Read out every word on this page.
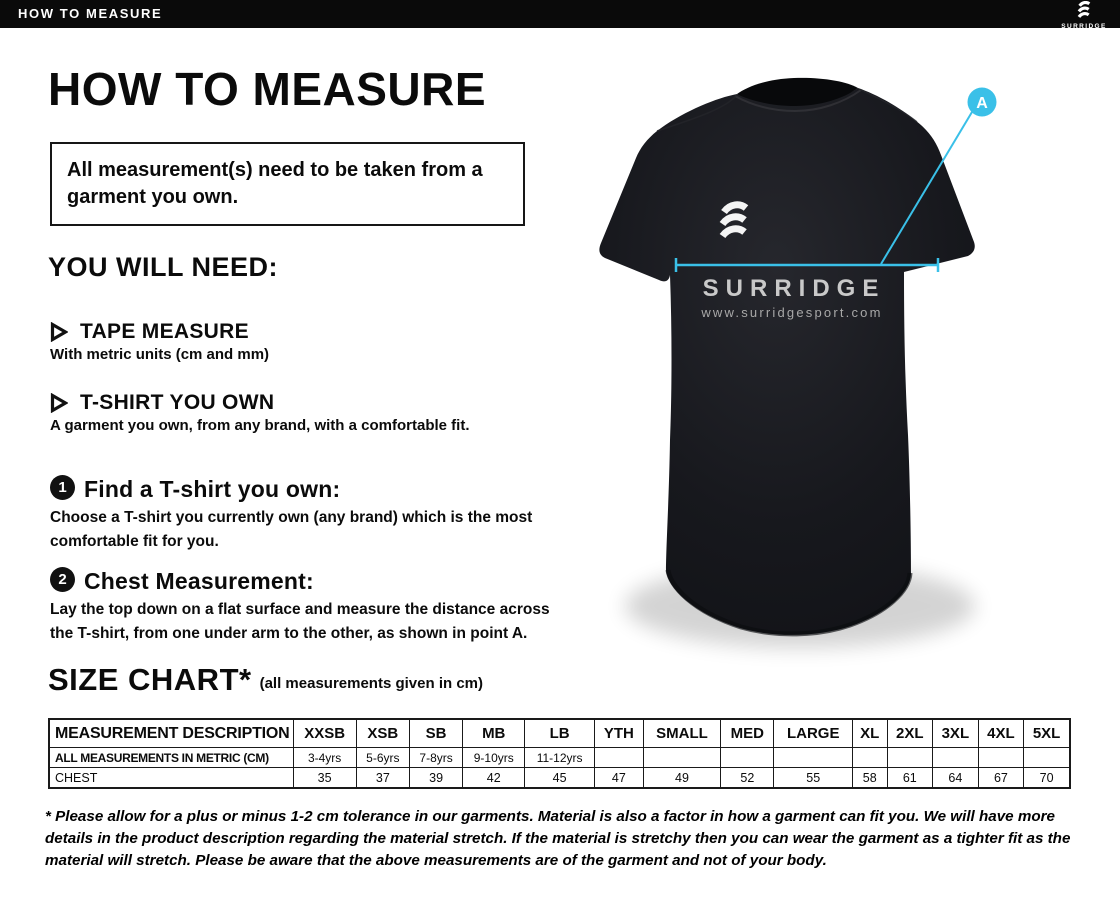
HOW TO MEASURE
SURRIDGE
HOW TO MEASURE
All measurement(s) need to be taken from a garment you own.
YOU WILL NEED:
TAPE MEASURE
With metric units (cm and mm)
T-SHIRT YOU OWN
A garment you own, from any brand, with a comfortable fit.
1 Find a T-shirt you own:
Choose a T-shirt you currently own (any brand) which is the most comfortable fit for you.
2 Chest Measurement:
Lay the top down on a flat surface and measure the distance across the T-shirt, from one under arm to the other, as shown in point A.
SURRIDGE
www.surridgesport.com
A
SIZE CHART* (all measurements given in cm)
MEASUREMENT DESCRIPTION	XXSB	XSB	SB	MB	LB	YTH	SMALL	MED	LARGE	XL	2XL	3XL	4XL	5XL
ALL MEASUREMENTS IN METRIC (CM)	3-4yrs	5-6yrs	7-8yrs	9-10yrs	11-12yrs									
CHEST	35	37	39	42	45	47	49	52	55	58	61	64	67	70
* Please allow for a plus or minus 1-2 cm tolerance in our garments. Material is also a factor in how a garment can fit you. We will have more details in the product description regarding the material stretch. If the material is stretchy then you can wear the garment as a tighter fit as the material will stretch. Please be aware that the above measurements are of the garment and not of your body.
